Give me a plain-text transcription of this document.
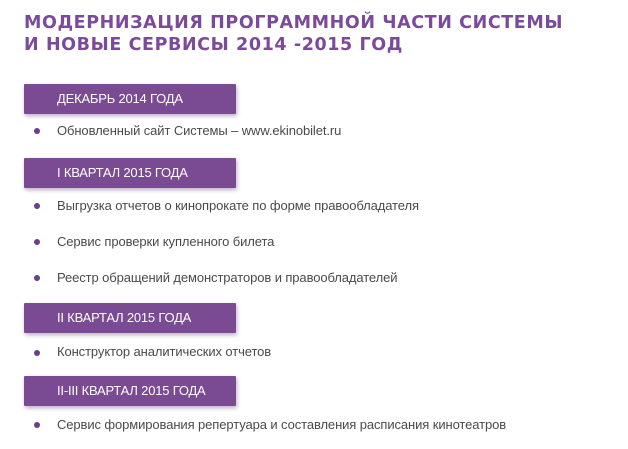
МОДЕРНИЗАЦИЯ ПРОГРАММНОЙ ЧАСТИ СИСТЕМЫ
И НОВЫЕ СЕРВИСЫ 2014 -2015 ГОД
ДЕКАБРЬ 2014 ГОДА
Обновленный сайт Системы – www.ekinobilet.ru
I КВАРТАЛ 2015 ГОДА
Выгрузка отчетов о кинопрокате по форме правообладателя
Сервис проверки купленного билета
Реестр обращений демонстраторов и правообладателей
II КВАРТАЛ 2015 ГОДА
Конструктор аналитических отчетов
II-III КВАРТАЛ 2015 ГОДА
Сервис формирования репертуара и составления расписания кинотеатров
